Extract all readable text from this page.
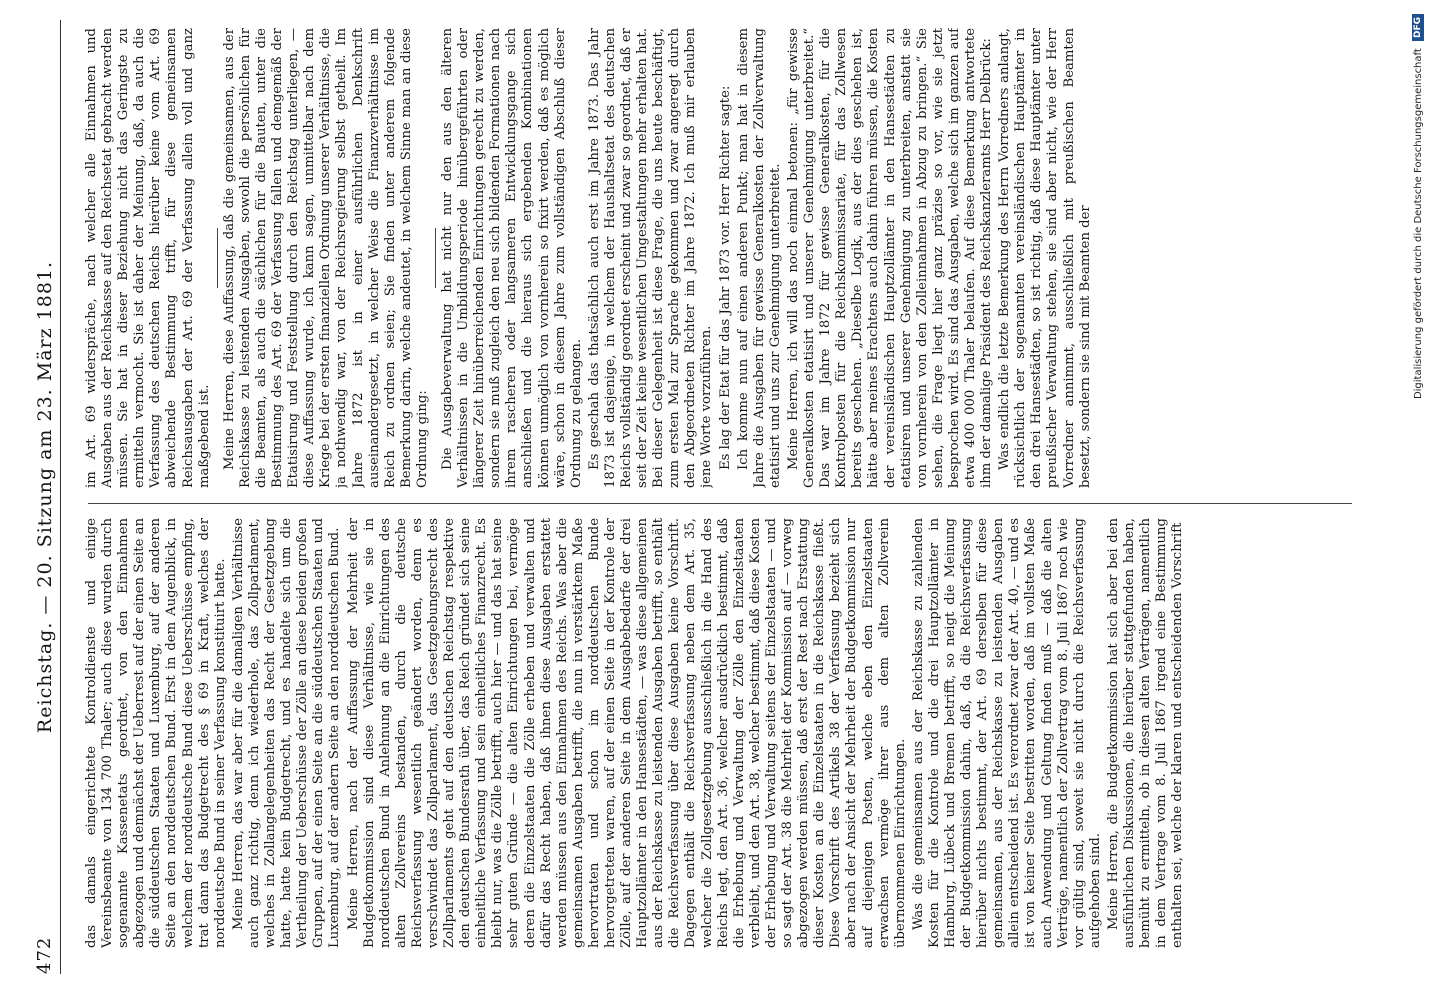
472
Reichstag. — 20. Sitzung am 23. März 1881. das damals eingerichtete Kontroldienste und einige Vereinsbeamte von 134 700 Thaler; auch diese wurden durch sogenannte Kassenetats geordnet, von den Einnahmen abgezogen und demnächst der Ueberrest auf der einen Seite an die süddeutschen Staaten und Luxemburg, auf der anderen Seite an den norddeutschen Bund. Erst in dem Augenblick, in welchem der norddeutsche Bund diese Ueberschüsse empfing, trat dann das Budgetrecht des § 69 in Kraft, welches der norddeutsche Bund in seiner Verfassung konstituirt hatte. Meine Herren, das war aber für die damaligen Verhältnisse auch ganz richtig, denn ich wiederhole, das Zollparlament, welches in Zollangelegenheiten das Recht der Gesetzgebung hatte, hatte kein Budgetrecht, und es handelte sich um die Vertheilung der Ueberschüsse der Zölle an diese beiden großen Gruppen, auf der einen Seite an die süddeutschen Staaten und Luxemburg, auf der andern Seite an den norddeutschen Bund. Meine Herren, nach der Auffassung der Mehrheit der Budgetkommission sind diese Verhältnisse, wie sie in norddeutschen Bund in Anlehnung an die Einrichtungen des alten Zollvereins bestanden, durch die deutsche Reichsverfassung wesentlich geändert worden, denn es verschwindet das Zollparlament, das Gesetzgebungsrecht des Zollparlaments geht auf den deutschen Reichstag respektive den deutschen Bundesrath über, das Reich gründet sich seine einheitliche Verfassung und sein einheitliches Finanzrecht. Es bleibt nur, was die Zölle betrifft, auch hier — und das hat seine sehr guten Gründe — die alten Einrichtungen bei, vermöge deren die Einzelstaaten die Zölle erheben und verwalten und dafür das Recht haben, daß ihnen diese Ausgaben erstattet werden müssen aus den Einnahmen des Reichs. Was aber die gemeinsamen Ausgaben betrifft, die nun in verstärktem Maße hervortraten und schon im norddeutschen Bunde hervorgetreten waren, auf der einen Seite in der Kontrole der Zölle, auf der anderen Seite in dem Ausgabebedarfe der drei Hauptzollämter in den Hansestädten, — was diese allgemeinen aus der Reichskasse zu leistenden Ausgaben betrifft, so enthält die Reichsverfassung über diese Ausgaben keine Vorschrift. Dagegen enthält die Reichsverfassung neben dem Art. 35, welcher die Zollgesetzgebung ausschließlich in die Hand des Reichs legt, den Art. 36, welcher ausdrücklich bestimmt, daß die Erhebung und Verwaltung der Zölle den Einzelstaaten verbleibt, und den Art. 38, welcher bestimmt, daß diese Kosten der Erhebung und Verwaltung seitens der Einzelstaaten — und so sagt der Art. 38 die Mehrheit der Kommission auf — vorweg abgezogen werden müssen, daß erst der Rest nach Erstattung dieser Kosten an die Einzelstaaten in die Reichskasse fließt. Diese Vorschrift des Artikels 38 der Verfassung bezieht sich aber nach der Ansicht der Mehrheit der Budgetkommission nur auf diejenigen Posten, welche eben den Einzelstaaten erwachsen vermöge ihrer aus dem alten Zollverein übernommenen Einrichtungen. Was die gemeinsamen aus der Reichskasse zu zahlenden Kosten für die Kontrole und die drei Hauptzollämter in Hamburg, Lübeck und Bremen betrifft, so neigt die Meinung der Budgetkommission dahin, daß, da die Reichsverfassung hierüber nichts bestimmt, der Art. 69 derselben für diese gemeinsamen, aus der Reichskasse zu leistenden Ausgaben allein entscheidend ist. Es verordnet zwar der Art. 40, — und es ist von keiner Seite bestritten worden, daß im vollsten Maße auch Anwendung und Geltung finden muß — daß die alten Verträge, namentlich der Zollvertrag vom 8. Juli 1867 noch wie vor gültig sind, soweit sie nicht durch die Reichsverfassung aufgehoben sind. Meine Herren, die Budgetkommission hat sich aber bei den ausführlichen Diskussionen, die hierüber stattgefunden haben, bemüht zu ermitteln, ob in diesen alten Verträgen, namentlich in dem Vertrage vom 8. Juli 1867 irgend eine Bestimmung enthalten sei, welche der klaren und entscheidenden Vorschrift

im Art. 69 widerspräche, nach welcher alle Einnahmen und Ausgaben aus der Reichskasse auf den Reichsetat gebracht werden müssen. Sie hat in dieser Beziehung nicht das Geringste zu ermitteln vermocht. Sie ist daher der Meinung, daß, da auch die Verfassung des deutschen Reichs hierüber keine vom Art. 69 abweichende Bestimmung trifft, für diese gemeinsamen Reichsausgaben der Art. 69 der Verfassung allein voll und ganz maßgebend ist. Meine Herren, diese Auffassung, daß die gemeinsamen, aus der Reichskasse zu leistenden Ausgaben, sowohl die persönlichen für die Beamten, als auch die sächlichen für die Bauten, unter die Bestimmung des Art. 69 der Verfassung fallen und demgemäß der Etatisirung und Feststellung durch den Reichstag unterliegen, — diese Auffassung wurde, ich kann sagen, unmittelbar nach dem Kriege bei der ersten finanziellen Ordnung unserer Verhältnisse, die ja nothwendig war, von der Reichsregierung selbst getheilt. Im Jahre 1872 ist in einer ausführlichen Denkschrift auseinandergesetzt, in welcher Weise die Finanzverhältnisse im Reich zu ordnen seien; Sie finden unter anderem folgende Bemerkung darin, welche andeutet, in welchem Sinne man an diese Ordnung ging: Die Ausgabeverwaltung hat nicht nur den aus den älteren Verhältnissen in die Umbildungsperiode hinübergeführten oder längerer Zeit hinüberreichenden Einrichtungen gerecht zu werden, sondern sie muß zugleich den neu sich bildenden Formationen nach ihrem rascheren oder langsameren Entwicklungsgange sich anschließen und die hieraus sich ergebenden Kombinationen können unmöglich von vornherein so fixirt werden, daß es möglich wäre, schon in diesem Jahre zum vollständigen Abschluß dieser Ordnung zu gelangen. Es geschah das thatsächlich auch erst im Jahre 1873. Das Jahr 1873 ist dasjenige, in welchem der Haushaltsetat des deutschen Reichs vollständig geordnet erscheint und zwar so geordnet, daß er seit der Zeit keine wesentlichen Umgestaltungen mehr erhalten hat. Bei dieser Gelegenheit ist diese Frage, die uns heute beschäftigt, zum ersten Mal zur Sprache gekommen und zwar angeregt durch den Abgeordneten Richter im Jahre 1872. Ich muß mir erlauben jene Worte vorzuführen. Es lag der Etat für das Jahr 1873 vor. Herr Richter sagte: Ich komme nun auf einen anderen Punkt; man hat in diesem Jahre die Ausgaben für gewisse Generalkosten der Zollverwaltung etatisirt und uns zur Genehmigung unterbreitet. Meine Herren, ich will das noch einmal betonen: „für gewisse Generalkosten etatisirt und unserer Genehmigung unterbreitet.“ Das war im Jahre 1872 für gewisse Generalkosten, für die Kontrolposten für die Reichskommissariate, für das Zollwesen bereits geschehen. „Dieselbe Logik, aus der dies geschehen ist, hätte aber meines Erachtens auch dahin führen müssen, die Kosten der vereinsländischen Hauptzollämter in den Hansestädten zu etatisiren und unserer Genehmigung zu unterbreiten, anstatt sie von vornherein von den Zolleinnahmen in Abzug zu bringen.“ Sie sehen, die Frage liegt hier ganz präzise so vor, wie sie jetzt besprochen wird. Es sind das Ausgaben, welche sich im ganzen auf etwa 400 000 Thaler belaufen. Auf diese Bemerkung antwortete ihm der damalige Präsident des Reichskanzleramts Herr Delbrück: Was endlich die letzte Bemerkung des Herrn Vorredners anlangt, rücksichtlich der sogenannten vereinsländischen Hauptämter in den drei Hansestädten, so ist richtig, daß diese Hauptämter unter preußischer Verwaltung stehen, sie sind aber nicht, wie der Herr Vorredner annimmt, ausschließlich mit preußischen Beamten besetzt, sondern sie sind mit Beamten der	Digitalisierung gefördert durch die Deutsche Forschungsgemeinschaft DFG
